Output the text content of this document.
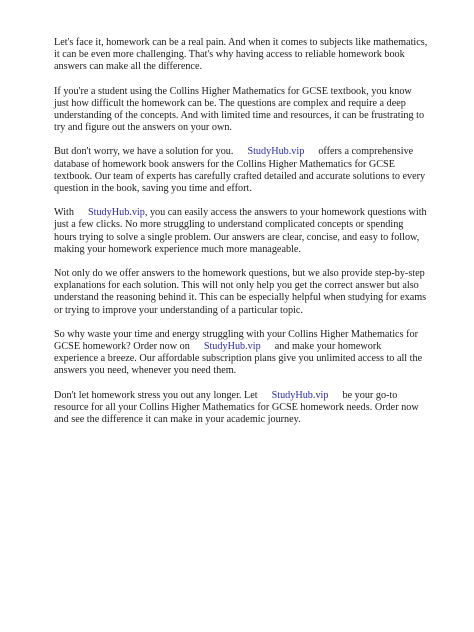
Let's face it, homework can be a real pain. And when it comes to subjects like mathematics, it can be even more challenging. That's why having access to reliable homework book answers can make all the difference.

If you're a student using the Collins Higher Mathematics for GCSE textbook, you know just how difficult the homework can be. The questions are complex and require a deep understanding of the concepts. And with limited time and resources, it can be frustrating to try and figure out the answers on your own.

But don't worry, we have a solution for you. StudyHub.vip offers a comprehensive database of homework book answers for the Collins Higher Mathematics for GCSE textbook. Our team of experts has carefully crafted detailed and accurate solutions to every question in the book, saving you time and effort.

With StudyHub.vip, you can easily access the answers to your homework questions with just a few clicks. No more struggling to understand complicated concepts or spending hours trying to solve a single problem. Our answers are clear, concise, and easy to follow, making your homework experience much more manageable.

Not only do we offer answers to the homework questions, but we also provide step-by-step explanations for each solution. This will not only help you get the correct answer but also understand the reasoning behind it. This can be especially helpful when studying for exams or trying to improve your understanding of a particular topic.

So why waste your time and energy struggling with your Collins Higher Mathematics for GCSE homework? Order now on StudyHub.vip and make your homework experience a breeze. Our affordable subscription plans give you unlimited access to all the answers you need, whenever you need them.

Don't let homework stress you out any longer. Let StudyHub.vip be your go-to resource for all your Collins Higher Mathematics for GCSE homework needs. Order now and see the difference it can make in your academic journey.
